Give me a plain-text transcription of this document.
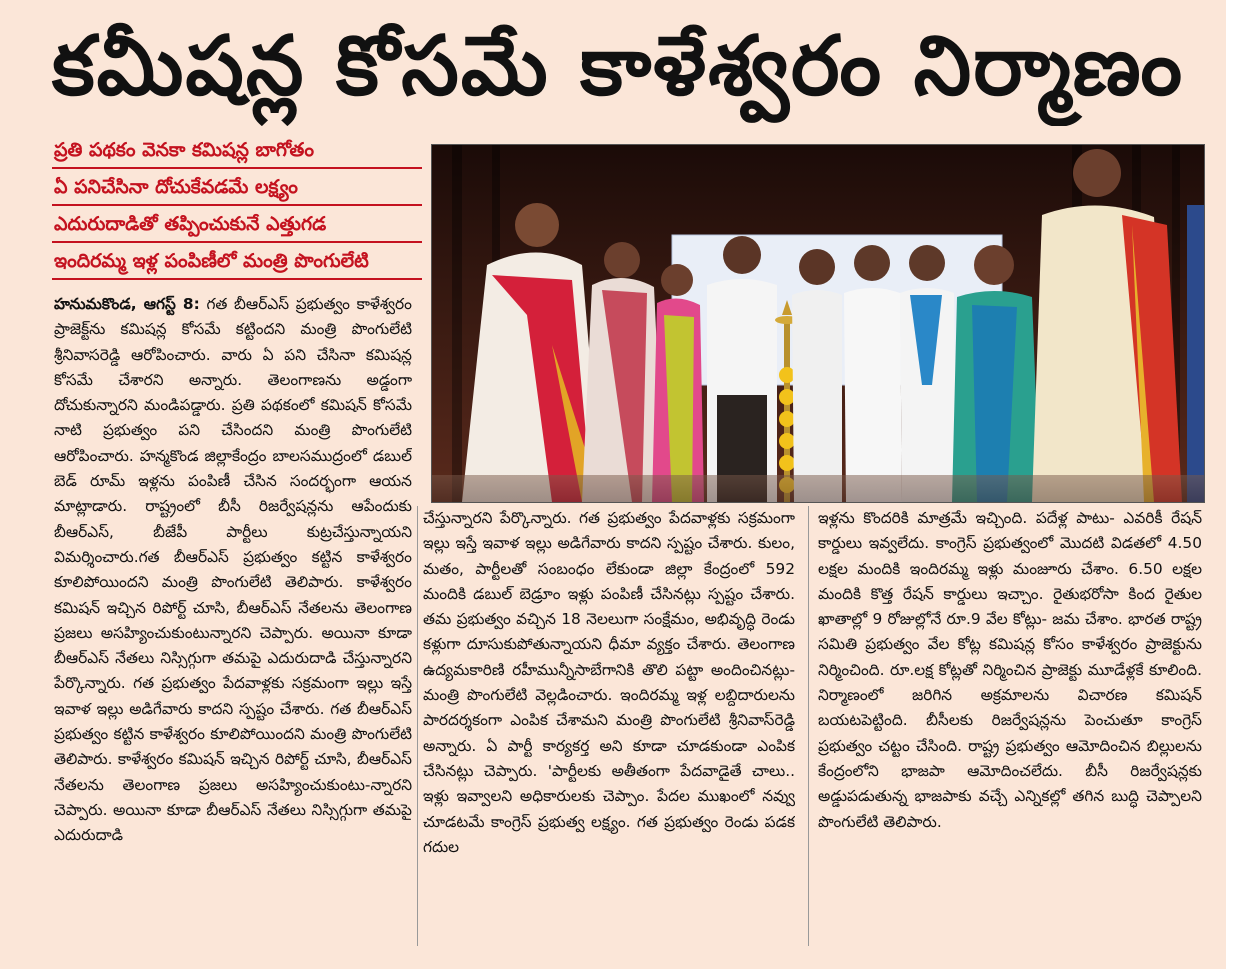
కమీషన్ల కోసమే కాళేశ్వరం నిర్మాణం
ప్రతి పథకం వెనకా కమిషన్ల బాగోతం
ఏ పనిచేసినా దోచుకేవడమే లక్ష్యం
ఎదురుదాడితో తప్పించుకునే ఎత్తుగడ
ఇందిరమ్మ ఇళ్ల పంపిణీలో మంత్రి పొంగులేటి
హనుమకొండ, ఆగస్ట్ 8: గత బీఆర్ఎస్ ప్రభుత్వం కాళేశ్వరం ప్రాజెక్ట్‌ను కమిషన్ల కోసమే కట్టిందని మంత్రి పొంగులేటి శ్రీనివాసరెడ్డి ఆరోపించారు. వారు ఏ పని చేసినా కమిషన్ల కోసమే చేశారని అన్నారు. తెలంగాణను అడ్డంగా దోచుకున్నారని మండిపడ్డారు. ప్రతి పథకంలో కమిషన్ కోసమే నాటి ప్రభుత్వం పని చేసిందని మంత్రి పొంగులేటి ఆరోపించారు. హన్మకొండ జిల్లాకేంద్రం బాలసముద్రంలో డబుల్ బెడ్ రూమ్ ఇళ్లను పంపిణీ చేసిన సందర్భంగా ఆయన మాట్లాడారు. రాష్ట్రంలో బీసీ రిజర్వేషన్లను ఆపేందుకు బీఆర్ఎస్, బీజేపీ పార్టీలు కుట్రచేస్తున్నాయని విమర్శించారు.గత బీఆర్ఎస్ ప్రభుత్వం కట్టిన కాళేశ్వరం కూలిపోయిందని మంత్రి పొంగులేటి తెలిపారు. కాళేశ్వరం కమిషన్ ఇచ్చిన రిపోర్ట్ చూసి, బీఆర్ఎస్ నేతలను తెలంగాణ ప్రజలు అసహ్యించుకుంటున్నారని చెప్పారు. అయినా కూడా బీఆర్ఎస్ నేతలు నిస్సిగ్గుగా తమపై ఎదురుదాడి చేస్తున్నారని పేర్కొన్నారు. గత ప్రభుత్వం పేదవాళ్లకు సక్రమంగా ఇల్లు ఇస్తే ఇవాళ ఇల్లు అడిగేవారు కాదని స్పష్టం చేశారు. గత బీఆర్ఎస్ ప్రభుత్వం కట్టిన కాళేశ్వరం కూలిపోయిందని మంత్రి పొంగులేటి తెలిపారు. కాళేశ్వరం కమిషన్ ఇచ్చిన రిపోర్ట్ చూసి, బీఆర్ఎస్ నేతలను తెలంగాణ ప్రజలు అసహ్యించుకుంటు-న్నారని చెప్పారు. అయినా కూడా బీఆర్ఎస్ నేతలు నిస్సిగ్గుగా తమపై ఎదురుదాడి
చేస్తున్నారని పేర్కొన్నారు. గత ప్రభుత్వం పేదవాళ్లకు సక్రమంగా ఇల్లు ఇస్తే ఇవాళ ఇల్లు అడిగేవారు కాదని స్పష్టం చేశారు. కులం, మతం, పార్టీలతో సంబంధం లేకుండా జిల్లా కేంద్రంలో 592 మందికి డబుల్ బెడ్రూం ఇళ్లు పంపిణీ చేసినట్లు స్పష్టం చేశారు. తమ ప్రభుత్వం వచ్చిన 18 నెలలుగా సంక్షేమం, అభివృద్ధి రెండు కళ్లుగా దూసుకుపోతున్నాయని ధీమా వ్యక్తం చేశారు. తెలంగాణ ఉద్యమకారిణి రహీమున్నీసాబేగానికి తొలి పట్టా అందించినట్లు- మంత్రి పొంగులేటి వెల్లడించారు. ఇందిరమ్మ ఇళ్ల లబ్దిదారులను పారదర్శకంగా ఎంపిక చేశామని మంత్రి పొంగులేటి శ్రీనివాస్‌రెడ్డి అన్నారు. ఏ పార్టీ కార్యకర్త అని కూడా చూడకుండా ఎంపిక చేసినట్లు చెప్పారు. 'పార్టీలకు అతీతంగా పేదవాడైతే చాలు.. ఇళ్లు ఇవ్వాలని అధికారులకు చెప్పాం. పేదల ముఖంలో నవ్వు చూడటమే కాంగ్రెస్ ప్రభుత్వ లక్ష్యం. గత ప్రభుత్వం రెండు పడక గదుల
ఇళ్లను కొందరికి మాత్రమే ఇచ్చింది. పదేళ్ల పాటు- ఎవరికీ రేషన్ కార్డులు ఇవ్వలేదు. కాంగ్రెస్ ప్రభుత్వంలో మొదటి విడతలో 4.50 లక్షల మందికి ఇందిరమ్మ ఇళ్లు మంజూరు చేశాం. 6.50 లక్షల మందికి కొత్త రేషన్ కార్డులు ఇచ్చాం. రైతుభరోసా కింద రైతుల ఖాతాల్లో 9 రోజుల్లోనే రూ.9 వేల కోట్లు- జమ చేశాం. భారత రాష్ట్ర సమితి ప్రభుత్వం వేల కోట్ల కమిషన్ల కోసం కాళేశ్వరం ప్రాజెక్టును నిర్మించింది. రూ.లక్ష కోట్లతో నిర్మించిన ప్రాజెక్టు మూడేళ్లకే కూలింది. నిర్మాణంలో జరిగిన అక్రమాలను విచారణ కమిషన్ బయటపెట్టింది. బీసీలకు రిజర్వేషన్లను పెంచుతూ కాంగ్రెస్ ప్రభుత్వం చట్టం చేసింది. రాష్ట్ర ప్రభుత్వం ఆమోదించిన బిల్లులను కేంద్రంలోని భాజపా ఆమోదించలేదు. బీసీ రిజర్వేషన్లకు అడ్డుపడుతున్న భాజపాకు వచ్చే ఎన్నికల్లో తగిన బుద్ధి చెప్పాలని పొంగులేటి తెలిపారు.
